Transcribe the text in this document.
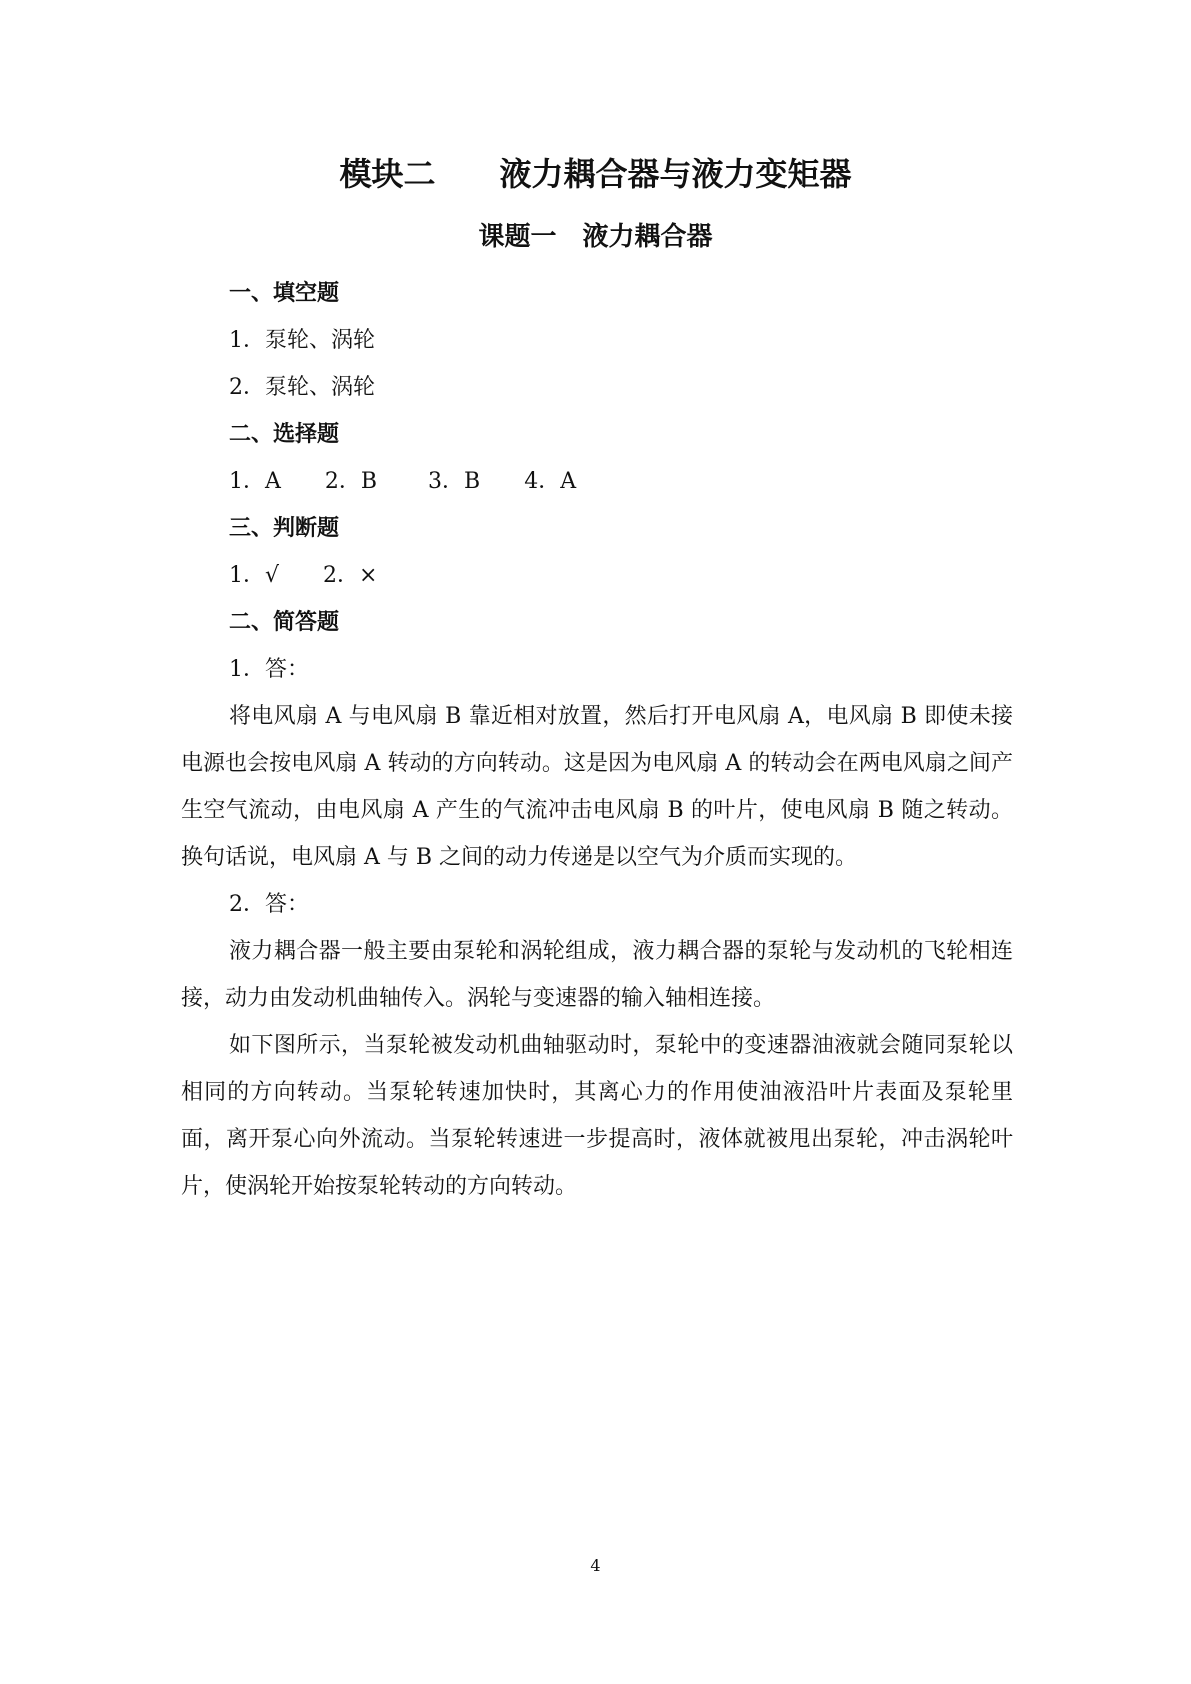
模块二　　液力耦合器与液力变矩器
课题一　液力耦合器
一、填空题
1．泵轮、涡轮
2．泵轮、涡轮
二、选择题
1．A　　2．B　　 3．B　　4．A
三、判断题
1．√　　2．×
二、简答题
1．答：
将电风扇 A 与电风扇 B 靠近相对放置，然后打开电风扇 A，电风扇 B 即使未接电源也会按电风扇 A 转动的方向转动。这是因为电风扇 A 的转动会在两电风扇之间产生空气流动，由电风扇 A 产生的气流冲击电风扇 B 的叶片，使电风扇 B 随之转动。换句话说，电风扇 A 与 B 之间的动力传递是以空气为介质而实现的。
2．答：
液力耦合器一般主要由泵轮和涡轮组成，液力耦合器的泵轮与发动机的飞轮相连接，动力由发动机曲轴传入。涡轮与变速器的输入轴相连接。
如下图所示，当泵轮被发动机曲轴驱动时，泵轮中的变速器油液就会随同泵轮以相同的方向转动。当泵轮转速加快时，其离心力的作用使油液沿叶片表面及泵轮里面，离开泵心向外流动。当泵轮转速进一步提高时，液体就被甩出泵轮，冲击涡轮叶片，使涡轮开始按泵轮转动的方向转动。
4
